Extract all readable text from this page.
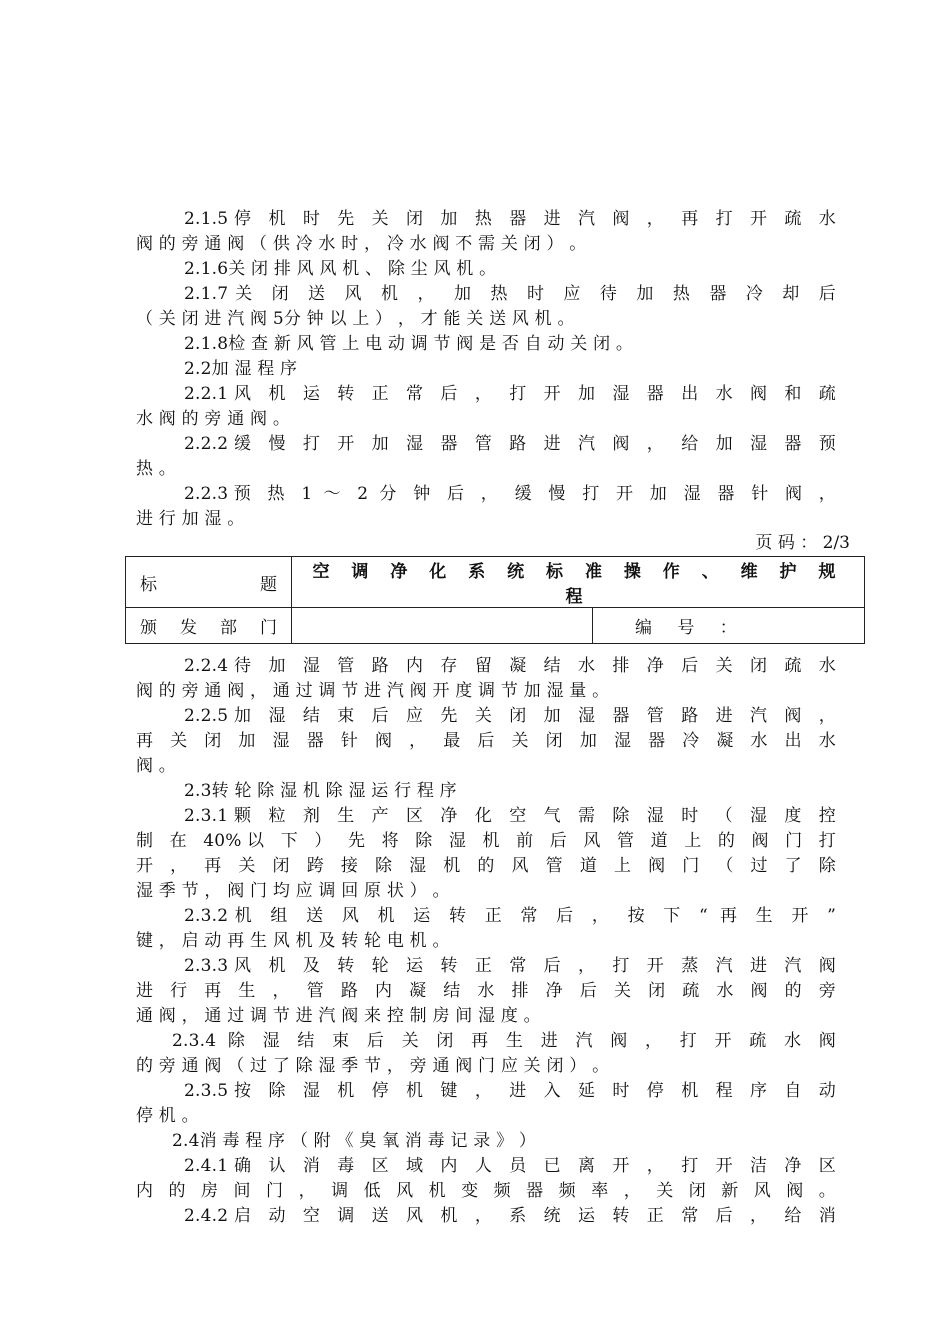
2.1.5停 机 时 先 关 闭 加 热 器 进 汽 阀 ， 再 打 开 疏 水
阀 的 旁 通 阀 （ 供 冷 水 时 ， 冷 水 阀 不 需 关 闭 ） 。
2.1.6关 闭 排 风 风 机 、 除 尘 风 机 。
2.1.7关 闭 送 风 机 ， 加 热 时 应 待 加 热 器 冷 却 后
（ 关 闭 进 汽 阀 5分 钟 以 上 ） ， 才 能 关 送 风 机 。
2.1.8检 查 新 风 管 上 电 动 调 节 阀 是 否 自 动 关 闭 。
2.2加 湿 程 序
2.2.1风 机 运 转 正 常 后 ， 打 开 加 湿 器 出 水 阀 和 疏
水 阀 的 旁 通 阀 。
2.2.2缓 慢 打 开 加 湿 器 管 路 进 汽 阀 ， 给 加 湿 器 预
热 。
2.2.3预 热 1 ～ 2 分 钟 后 ， 缓 慢 打 开 加 湿 器 针 阀 ，
进 行 加 湿 。
页 码 ： 2/3
标题	空 调 净 化 系 统 标 准 操 作 、 维 护 规 程	

颁发部门		编 号 ：
2.2.4待 加 湿 管 路 内 存 留 凝 结 水 排 净 后 关 闭 疏 水
阀 的 旁 通 阀 ， 通 过 调 节 进 汽 阀 开 度 调 节 加 湿 量 。
2.2.5加 湿 结 束 后 应 先 关 闭 加 湿 器 管 路 进 汽 阀 ，
再 关 闭 加 湿 器 针 阀 ， 最 后 关 闭 加 湿 器 冷 凝 水 出 水
阀 。
2.3转 轮 除 湿 机 除 湿 运 行 程 序
2.3.1颗 粒 剂 生 产 区 净 化 空 气 需 除 湿 时 （ 湿 度 控
制 在 40%以 下 ） 先 将 除 湿 机 前 后 风 管 道 上 的 阀 门 打
开 ， 再 关 闭 跨 接 除 湿 机 的 风 管 道 上 阀 门 （ 过 了 除
湿 季 节 ， 阀 门 均 应 调 回 原 状 ） 。
2.3.2机 组 送 风 机 运 转 正 常 后 ， 按 下 “ 再 生 开 ”
键 ， 启 动 再 生 风 机 及 转 轮 电 机 。
2.3.3风 机 及 转 轮 运 转 正 常 后 ， 打 开 蒸 汽 进 汽 阀
进 行 再 生 ， 管 路 内 凝 结 水 排 净 后 关 闭 疏 水 阀 的 旁
通 阀 ， 通 过 调 节 进 汽 阀 来 控 制 房 间 湿 度 。
2.3.4 除 湿 结 束 后 关 闭 再 生 进 汽 阀 ， 打 开 疏 水 阀
的 旁 通 阀 （ 过 了 除 湿 季 节 ， 旁 通 阀 门 应 关 闭 ） 。
2.3.5按 除 湿 机 停 机 键 ， 进 入 延 时 停 机 程 序 自 动
停 机 。
2.4消 毒 程 序 （ 附 《 臭 氧 消 毒 记 录 》 ）
2.4.1确 认 消 毒 区 域 内 人 员 已 离 开 ， 打 开 洁 净 区
内 的 房 间 门 ， 调 低 风 机 变 频 器 频 率 ， 关 闭 新 风 阀 。
2.4.2启 动 空 调 送 风 机 ， 系 统 运 转 正 常 后 ， 给 消
